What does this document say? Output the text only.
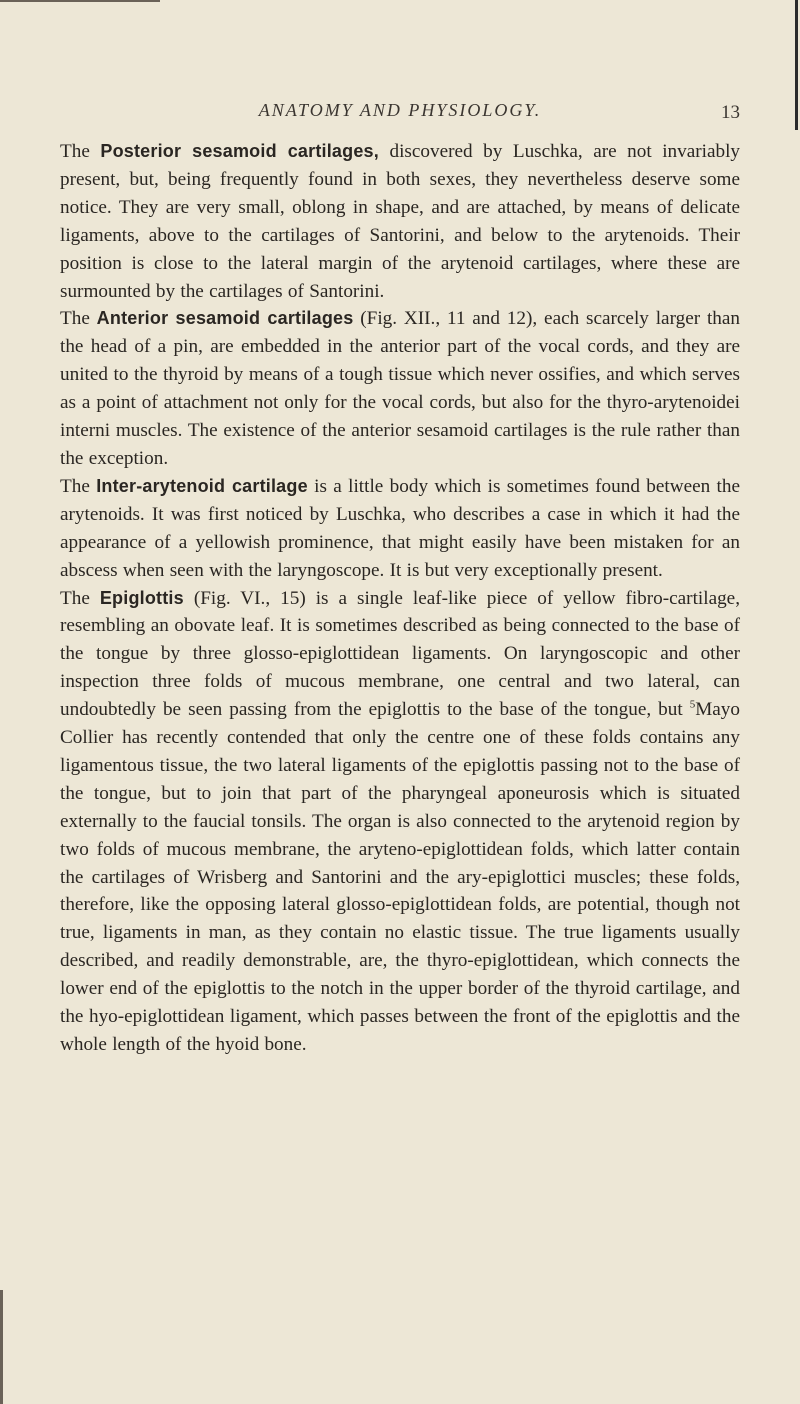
ANATOMY AND PHYSIOLOGY.	13

The Posterior sesamoid cartilages, discovered by Luschka, are not invariably present, but, being frequently found in both sexes, they nevertheless deserve some notice. They are very small, oblong in shape, and are attached, by means of delicate ligaments, above to the cartilages of Santorini, and below to the arytenoids. Their position is close to the lateral margin of the arytenoid cartilages, where these are surmounted by the cartilages of Santorini.

The Anterior sesamoid cartilages (Fig. XII., 11 and 12), each scarcely larger than the head of a pin, are embedded in the anterior part of the vocal cords, and they are united to the thyroid by means of a tough tissue which never ossifies, and which serves as a point of attachment not only for the vocal cords, but also for the thyro-arytenoidei interni muscles. The existence of the anterior sesamoid cartilages is the rule rather than the exception.

The Inter-arytenoid cartilage is a little body which is sometimes found between the arytenoids. It was first noticed by Luschka, who describes a case in which it had the appearance of a yellowish prominence, that might easily have been mistaken for an abscess when seen with the laryngoscope. It is but very exceptionally present.

The Epiglottis (Fig. VI., 15) is a single leaf-like piece of yellow fibro-cartilage, resembling an obovate leaf. It is sometimes described as being connected to the base of the tongue by three glosso-epiglottidean ligaments. On laryngoscopic and other inspection three folds of mucous membrane, one central and two lateral, can undoubtedly be seen passing from the epiglottis to the base of the tongue, but $^5$Mayo Collier has recently contended that only the centre one of these folds contains any ligamentous tissue, the two lateral ligaments of the epiglottis passing not to the base of the tongue, but to join that part of the pharyngeal aponeurosis which is situated externally to the faucial tonsils. The organ is also connected to the arytenoid region by two folds of mucous membrane, the aryteno-epiglottidean folds, which latter contain the cartilages of Wrisberg and Santorini and the ary-epiglottici muscles; these folds, therefore, like the opposing lateral glosso-epiglottidean folds, are potential, though not true, ligaments in man, as they contain no elastic tissue. The true ligaments usually described, and readily demonstrable, are, the thyro-epiglottidean, which connects the lower end of the epiglottis to the notch in the upper border of the thyroid cartilage, and the hyo-epiglottidean ligament, which passes between the front of the epiglottis and the whole length of the hyoid bone.
